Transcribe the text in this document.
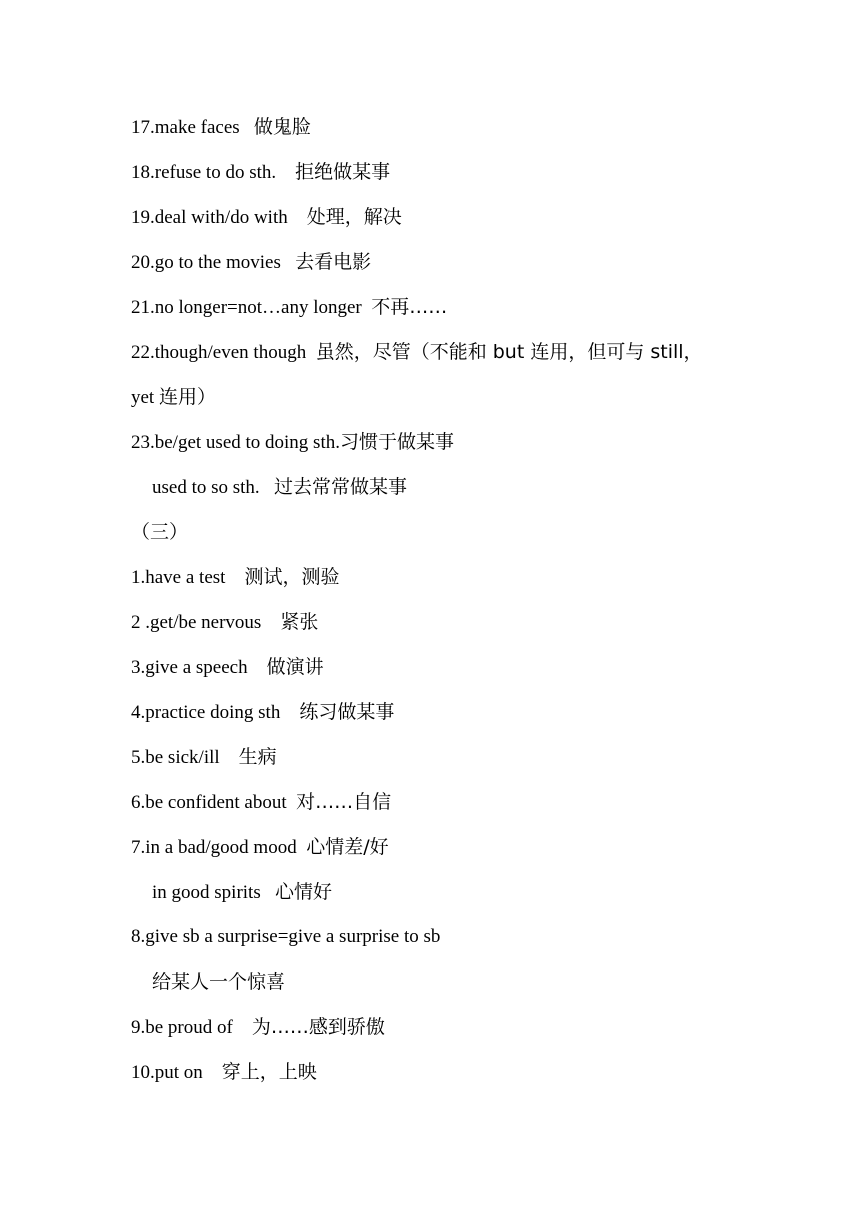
17.make faces   做鬼脸
18.refuse to do sth.    拒绝做某事
19.deal with/do with    处理，解决
20.go to the movies   去看电影
21.no longer=not…any longer  不再……
22.though/even though  虽然，尽管（不能和 but 连用，但可与 still，
yet 连用）
23.be/get used to doing sth.习惯于做某事
used to so sth.   过去常常做某事
（三）
1.have a test    测试，测验
2 .get/be nervous    紧张
3.give a speech    做演讲
4.practice doing sth    练习做某事
5.be sick/ill    生病
6.be confident about  对……自信
7.in a bad/good mood  心情差/好
in good spirits   心情好
8.give sb a surprise=give a surprise to sb
给某人一个惊喜
9.be proud of    为……感到骄傲
10.put on    穿上，上映
